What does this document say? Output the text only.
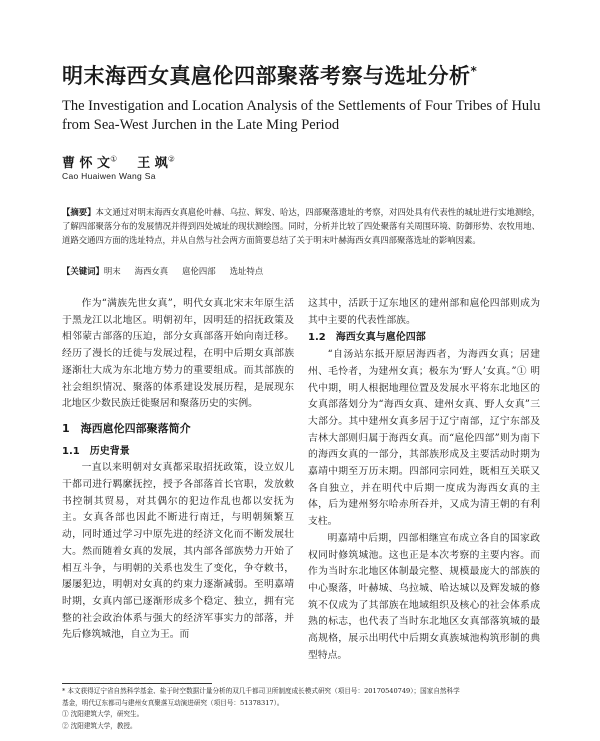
明末海西女真扈伦四部聚落考察与选址分析*
The Investigation and Location Analysis of the Settlements of Four Tribes of Hulu from Sea-West Jurchen in the Late Ming Period
曹 怀 文① 王 飒②
Cao Huaiwen Wang Sa
【摘要】本文通过对明末海西女真扈伦叶赫、乌拉、辉发、哈达，四部聚落遗址的考察，对四处具有代表性的城址进行实地测绘，了解四部聚落分布的发展情况并得到四处城址的现状测绘图。同时，分析并比较了四处聚落有关周围环境、防御形势、农牧用地、道路交通四方面的选址特点，并从自然与社会两方面简要总结了关于明末叶赫海西女真四部聚落选址的影响因素。
【关键词】明末 海西女真 扈伦四部 选址特点

作为“满族先世女真”，明代女真北宋末年原生活于黑龙江以北地区。明朝初年，因明廷的招抚政策及相邻蒙古部落的压迫，部分女真部落开始向南迁移。经历了漫长的迁徙与发展过程，在明中后期女真部族逐渐壮大成为东北地方势力的重要组成。而其部族的社会组织情况、聚落的体系建设发展历程，是展现东北地区少数民族迁徙聚居和聚落历史的实例。

1　海西扈伦四部聚落简介
1.1　历史背景

一直以来明朝对女真都采取招抚政策，设立奴儿干都司进行羁縻抚控，授予各部落首长官职，发放敕书控制其贸易，对其偶尔的犯边作乱也都以安抚为主。女真各部也因此不断进行南迁，与明朝频繁互动，同时通过学习中原先进的经济文化而不断发展壮大。然而随着女真的发展，其内部各部族势力开始了相互斗争，与明朝的关系也发生了变化，争夺敕书，屡屡犯边，明朝对女真的约束力逐渐减弱。至明嘉靖时期，女真内部已逐渐形成多个稳定、独立，拥有完整的社会政治体系与强大的经济军事实力的部落，并先后修筑城池，自立为王。而

这其中，活跃于辽东地区的建州部和扈伦四部则成为其中主要的代表性部族。

1.2　海西女真与扈伦四部

“自汤站东抵开原居海西者，为海西女真；居建州、毛怜者，为建州女真；极东为‘野人’女真。”① 明代中期，明人根据地理位置及发展水平将东北地区的女真部落划分为“海西女真、建州女真、野人女真”三大部分。其中建州女真多居于辽宁南部，辽宁东部及吉林大部则归属于海西女真。而“扈伦四部”则为南下的海西女真的一部分，其部族形成及主要活动时期为嘉靖中期至万历末期。四部同宗同姓，既相互关联又各自独立，并在明代中后期一度成为海西女真的主体，后为建州努尔哈赤所吞并，又成为清王朝的有利支柱。

明嘉靖中后期，四部相继宣布成立各自的国家政权同时修筑城池。这也正是本次考察的主要内容。而作为当时东北地区体制最完整、规模最庞大的部族的中心聚落，叶赫城、乌拉城、哈达城以及辉发城的修筑不仅成为了其部族在地域组织及核心的社会体系成熟的标志，也代表了当时东北地区女真部落筑城的最高规格，展示出明代中后期女真族城池构筑形制的典型特点。

* 本文获得辽宁省自然科学基金、盐于时空数据计量分析的双几千都司卫所制度成长模式研究（项目号：20170540749）；国家自然科学
基金，明代辽东都司与建州女真聚落互动演进研究（项目号：51378317）。
① 沈阳建筑大学，研究生。
② 沈阳建筑大学，教授。
